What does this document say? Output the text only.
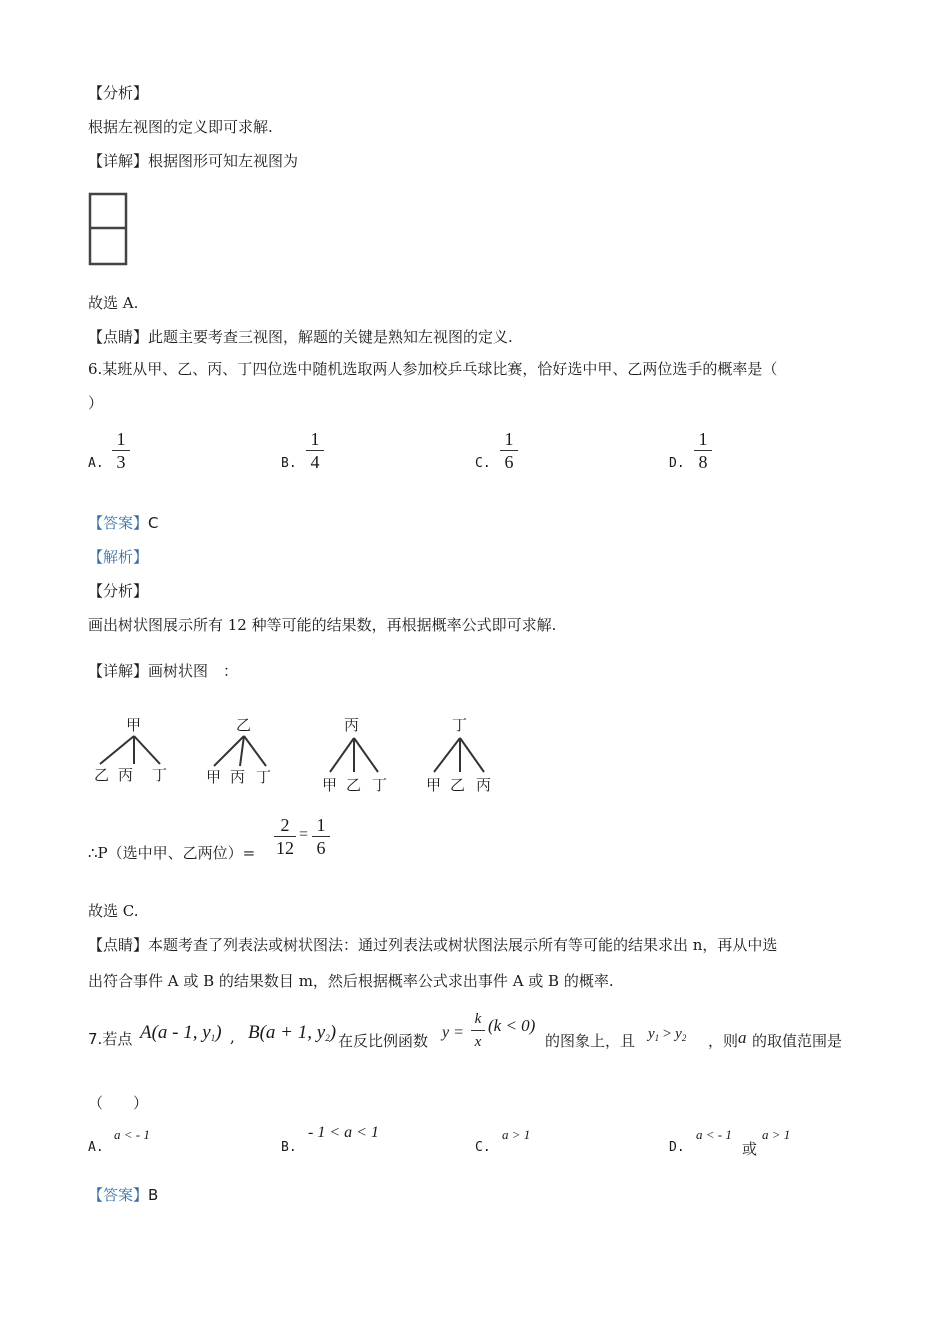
【分析】
根据左视图的定义即可求解.
【详解】根据图形可知左视图为
故选 A.
【点睛】此题主要考查三视图，解题的关键是熟知左视图的定义.
6.某班从甲、乙、丙、丁四位选中随机选取两人参加校乒乓球比赛，恰好选中甲、乙两位选手的概率是（
）
A. $\frac{1}{3}$	B. $\frac{1}{4}$	C. $\frac{1}{6}$	D. $\frac{1}{8}$
【答案】C
【解析】
【分析】
画出树状图展示所有 12 种等可能的结果数，再根据概率公式即可求解.
【详解】画树状图　：
甲
乙 丙 丁
乙
甲 丙 丁
丙
甲 乙 丁
丁
甲 乙 丙
∴P（选中甲、乙两位）= $\frac{2}{12} = \frac{1}{6}$
故选 C.
【点睛】本题考查了列表法或树状图法：通过列表法或树状图法展示所有等可能的结果求出 n，再从中选
出符合事件 A 或 B 的结果数目 m，然后根据概率公式求出事件 A 或 B 的概率.
7.若点 A(a - 1, $y_1$) , B(a + 1, $y_2$) 在反比例函数 $y = \frac{k}{x} (k < 0)$
的图象上，且 $y_1 > y_2$ ，则 a 的取值范围是
（　　）
A.
a < - 1
B.
- 1 < a < 1
C.
a > 1
D.
a < - 1
或
a > 1
【答案】B
